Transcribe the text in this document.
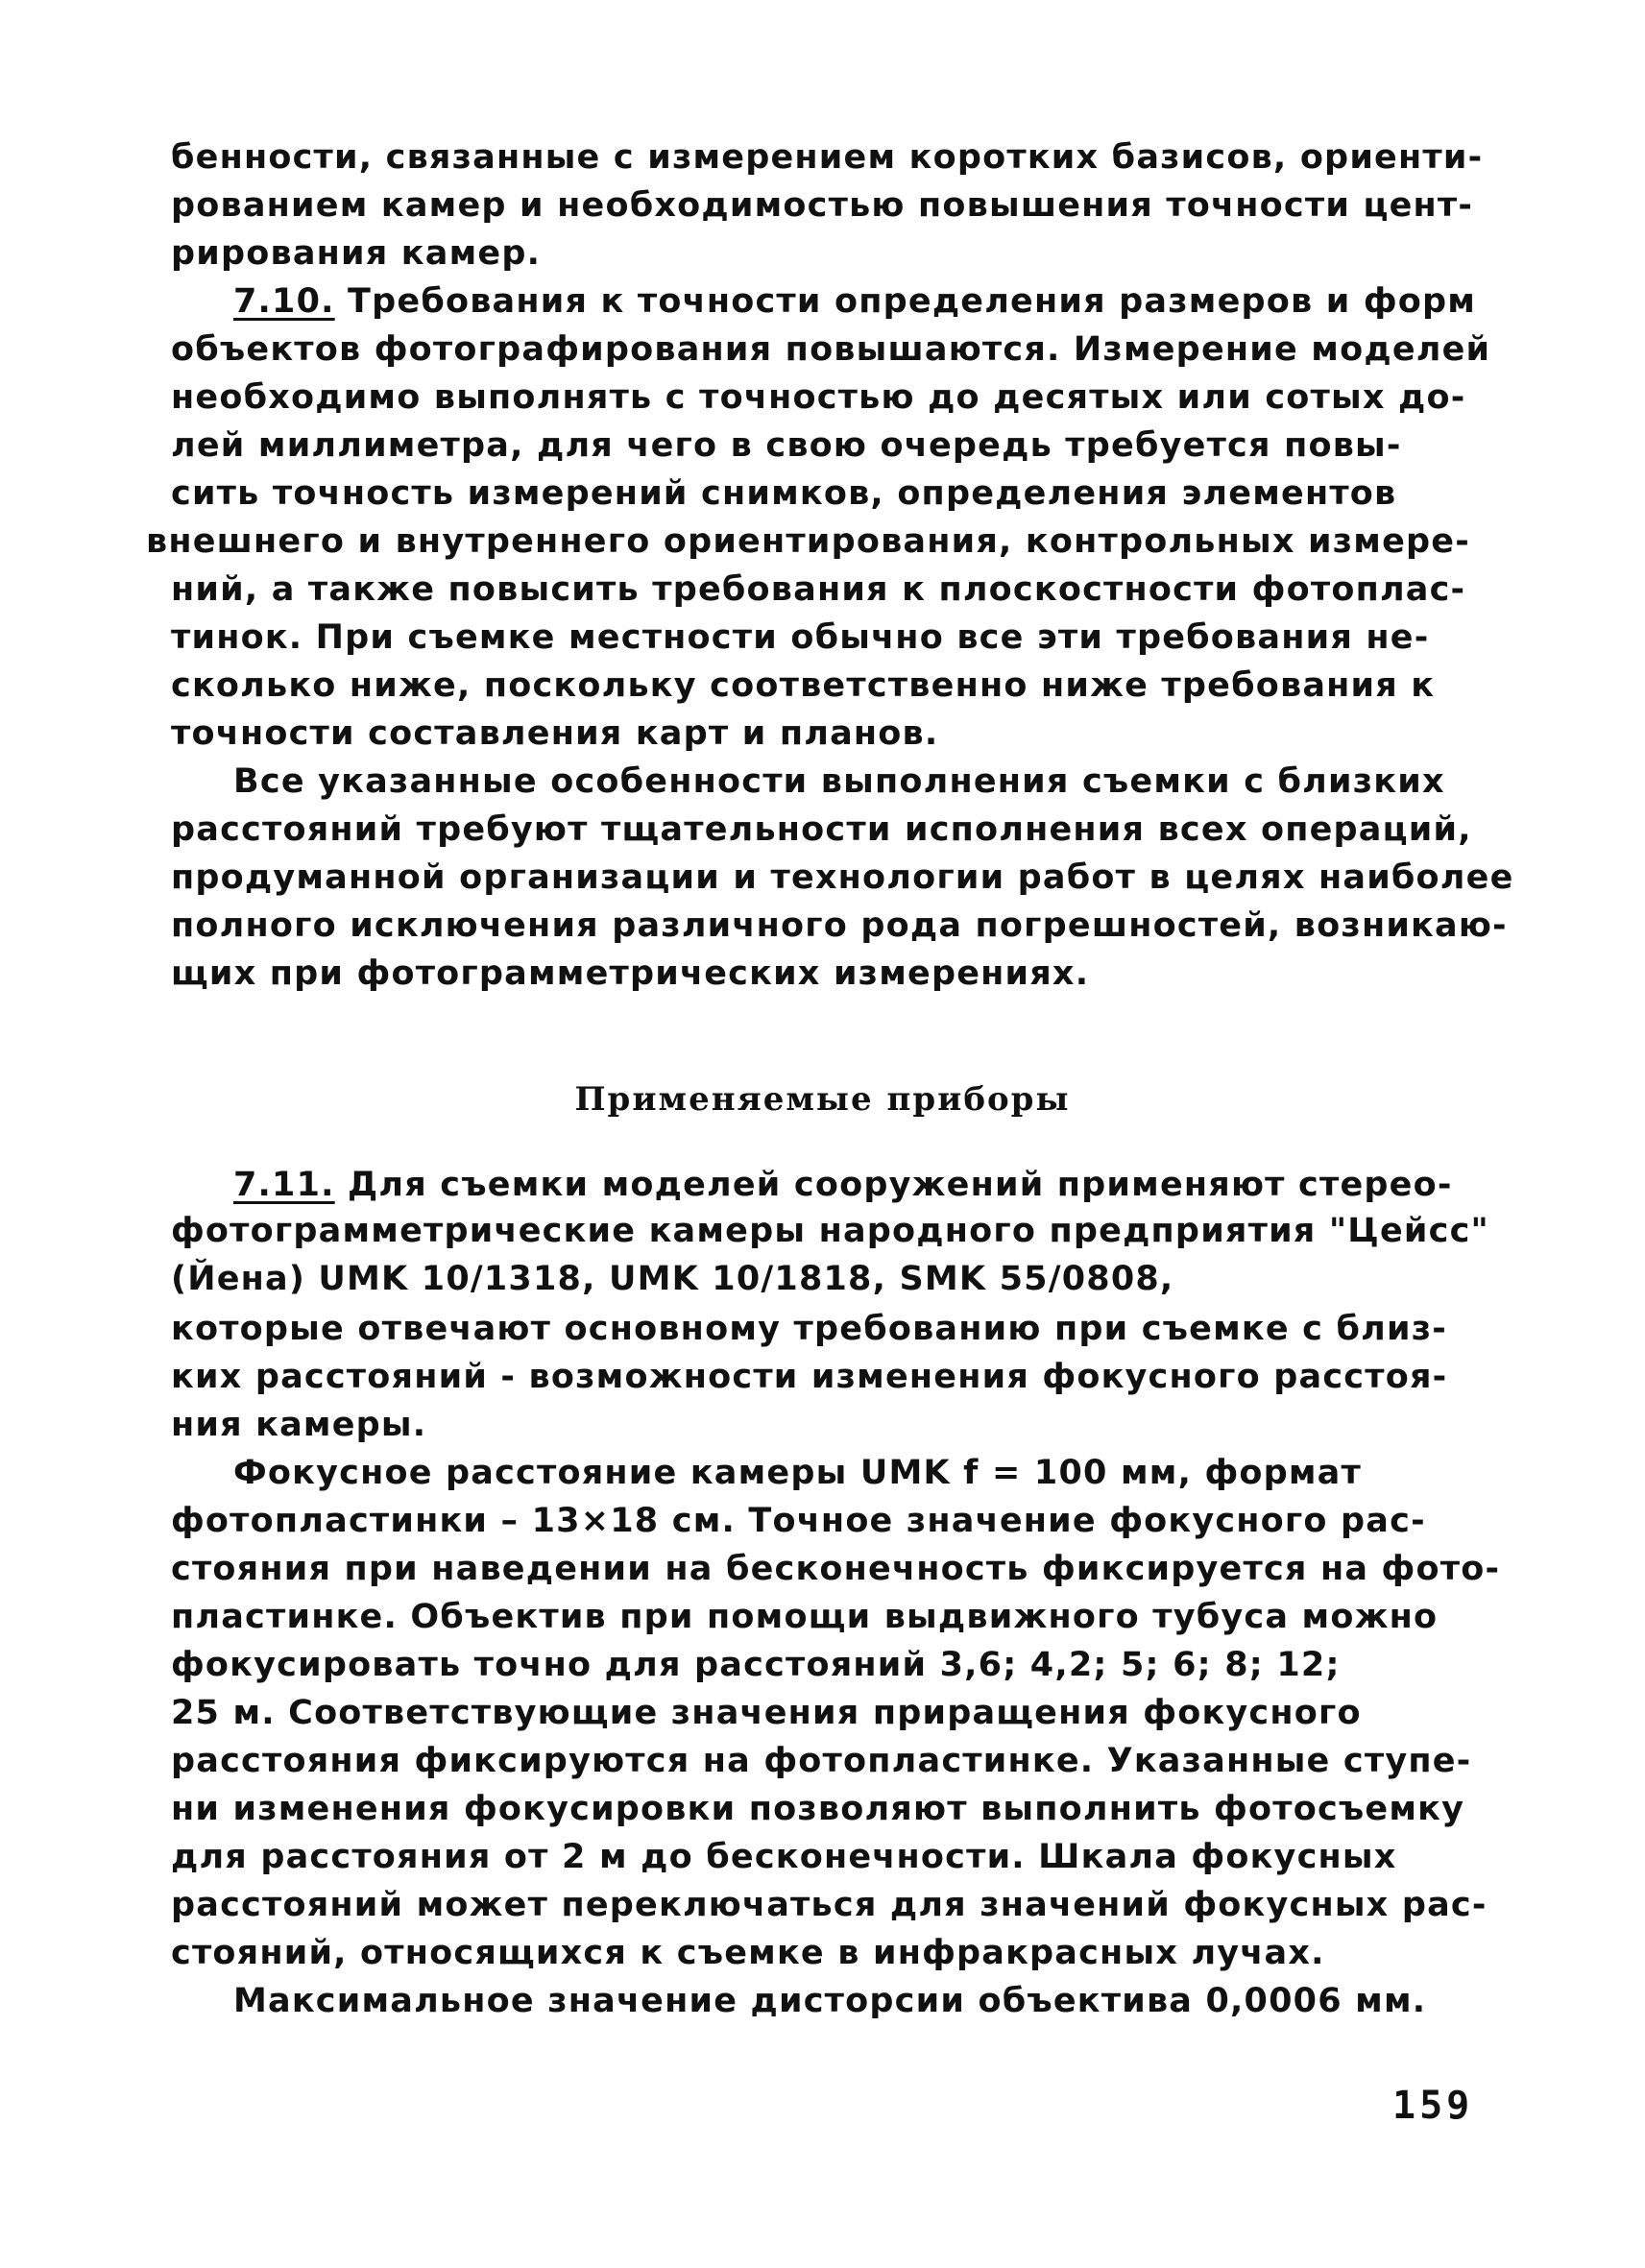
бенности, связанные с измерением коротких базисов, ориенти-
рованием камер и необходимостью повышения точности цент-
рирования камер.
7.10. Требования к точности определения размеров и форм
объектов фотографирования повышаются. Измерение моделей
необходимо выполнять с точностью до десятых или сотых до-
лей миллиметра, для чего в свою очередь требуется повы-
сить точность измерений снимков, определения элементов
внешнего и внутреннего ориентирования, контрольных измере-
ний, а также повысить требования к плоскостности фотоплас-
тинок. При съемке местности обычно все эти требования не-
сколько ниже, поскольку соответственно ниже требования к
точности составления карт и планов.
Все указанные особенности выполнения съемки с близких
расстояний требуют тщательности исполнения всех операций,
продуманной организации и технологии работ в целях наиболее
полного исключения различного рода погрешностей, возникаю-
щих при фотограмметрических измерениях.
Применяемые приборы
7.11. Для съемки моделей сооружений применяют стерео-
фотограмметрические камеры народного предприятия "Цейсс"
(Йена) UMK 10/1318, UMK 10/1818, SMK 55/0808,
которые отвечают основному требованию при съемке с близ-
ких расстояний - возможности изменения фокусного расстоя-
ния камеры.
Фокусное расстояние камеры UMK f = 100 мм, формат
фотопластинки – 13×18 см. Точное значение фокусного рас-
стояния при наведении на бесконечность фиксируется на фото-
пластинке. Объектив при помощи выдвижного тубуса можно
фокусировать точно для расстояний 3,6; 4,2; 5; 6; 8; 12;
25 м. Соответствующие значения приращения фокусного
расстояния фиксируются на фотопластинке. Указанные ступе-
ни изменения фокусировки позволяют выполнить фотосъемку
для расстояния от 2 м до бесконечности. Шкала фокусных
расстояний может переключаться для значений фокусных рас-
стояний, относящихся к съемке в инфракрасных лучах.
Максимальное значение дисторсии объектива 0,0006 мм.
159
